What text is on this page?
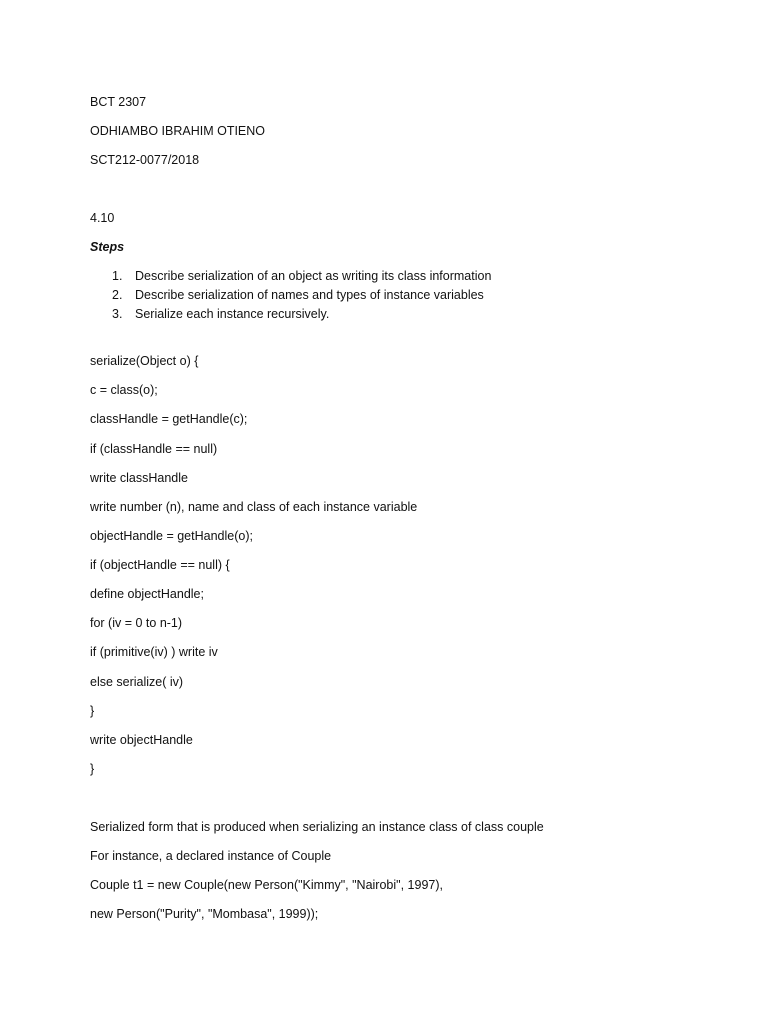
BCT 2307
ODHIAMBO IBRAHIM OTIENO
SCT212-0077/2018
4.10
Steps
1. Describe serialization of an object as writing its class information
2. Describe serialization of names and types of instance variables
3. Serialize each instance recursively.
serialize(Object o) {
c = class(o);
classHandle = getHandle(c);
if (classHandle == null)
write classHandle
write number (n), name and class of each instance variable
objectHandle = getHandle(o);
if (objectHandle == null) {
define objectHandle;
for (iv = 0 to n-1)
if (primitive(iv) ) write iv
else serialize( iv)
}
write objectHandle
}
Serialized form that is produced when serializing an instance class of class couple
For instance, a declared instance of Couple
Couple t1 = new Couple(new Person("Kimmy", "Nairobi", 1997),
new Person("Purity", "Mombasa", 1999));
